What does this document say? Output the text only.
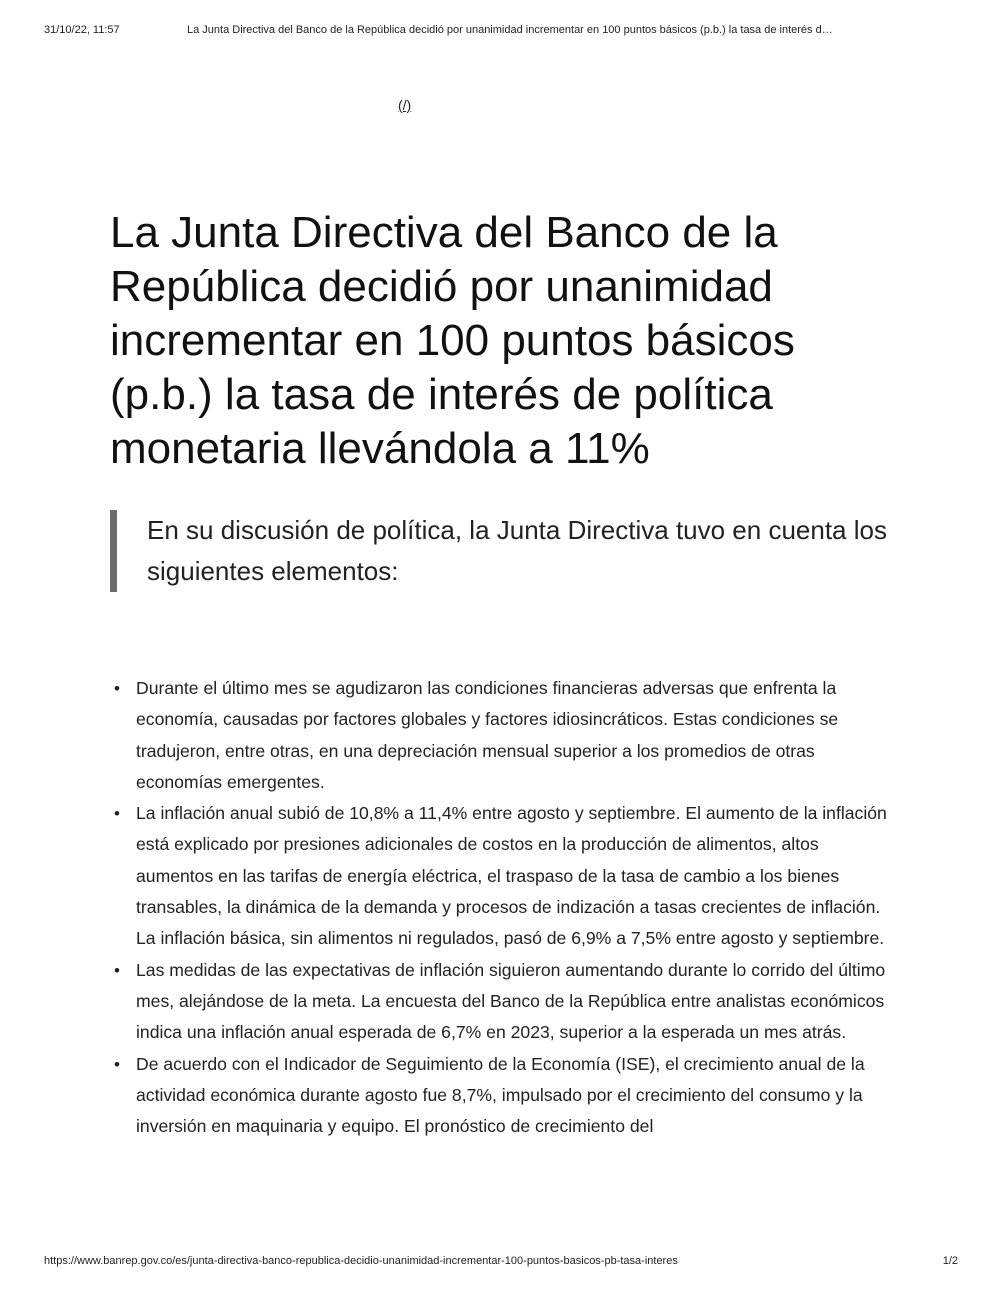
31/10/22, 11:57	La Junta Directiva del Banco de la República decidió por unanimidad incrementar en 100 puntos básicos (p.b.) la tasa de interés d…
(/)
La Junta Directiva del Banco de la República decidió por unanimidad incrementar en 100 puntos básicos (p.b.) la tasa de interés de política monetaria llevándola a 11%
En su discusión de política, la Junta Directiva tuvo en cuenta los siguientes elementos:
• Durante el último mes se agudizaron las condiciones financieras adversas que enfrenta la economía, causadas por factores globales y factores idiosincráticos. Estas condiciones se tradujeron, entre otras, en una depreciación mensual superior a los promedios de otras economías emergentes.
• La inflación anual subió de 10,8% a 11,4% entre agosto y septiembre. El aumento de la inflación está explicado por presiones adicionales de costos en la producción de alimentos, altos aumentos en las tarifas de energía eléctrica, el traspaso de la tasa de cambio a los bienes transables, la dinámica de la demanda y procesos de indización a tasas crecientes de inflación. La inflación básica, sin alimentos ni regulados, pasó de 6,9% a 7,5% entre agosto y septiembre.
• Las medidas de las expectativas de inflación siguieron aumentando durante lo corrido del último mes, alejándose de la meta. La encuesta del Banco de la República entre analistas económicos indica una inflación anual esperada de 6,7% en 2023, superior a la esperada un mes atrás.
• De acuerdo con el Indicador de Seguimiento de la Economía (ISE), el crecimiento anual de la actividad económica durante agosto fue 8,7%, impulsado por el crecimiento del consumo y la inversión en maquinaria y equipo. El pronóstico de crecimiento del
https://www.banrep.gov.co/es/junta-directiva-banco-republica-decidio-unanimidad-incrementar-100-puntos-basicos-pb-tasa-interes	1/2
